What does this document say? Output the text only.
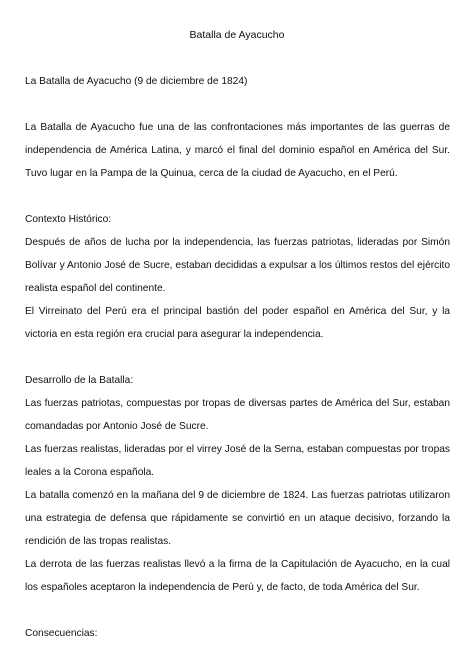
Batalla de Ayacucho

La Batalla de Ayacucho (9 de diciembre de 1824)

La Batalla de Ayacucho fue una de las confrontaciones más importantes de las guerras de independencia de América Latina, y marcó el final del dominio español en América del Sur. Tuvo lugar en la Pampa de la Quinua, cerca de la ciudad de Ayacucho, en el Perú.

Contexto Histórico:

Después de años de lucha por la independencia, las fuerzas patriotas, lideradas por Simón Bolívar y Antonio José de Sucre, estaban decididas a expulsar a los últimos restos del ejército realista español del continente.

El Virreinato del Perú era el principal bastión del poder español en América del Sur, y la victoria en esta región era crucial para asegurar la independencia.

Desarrollo de la Batalla:

Las fuerzas patriotas, compuestas por tropas de diversas partes de América del Sur, estaban comandadas por Antonio José de Sucre.

Las fuerzas realistas, lideradas por el virrey José de la Serna, estaban compuestas por tropas leales a la Corona española.

La batalla comenzó en la mañana del 9 de diciembre de 1824. Las fuerzas patriotas utilizaron una estrategia de defensa que rápidamente se convirtió en un ataque decisivo, forzando la rendición de las tropas realistas.

La derrota de las fuerzas realistas llevó a la firma de la Capitulación de Ayacucho, en la cual los españoles aceptaron la independencia de Perú y, de facto, de toda América del Sur.

Consecuencias:
